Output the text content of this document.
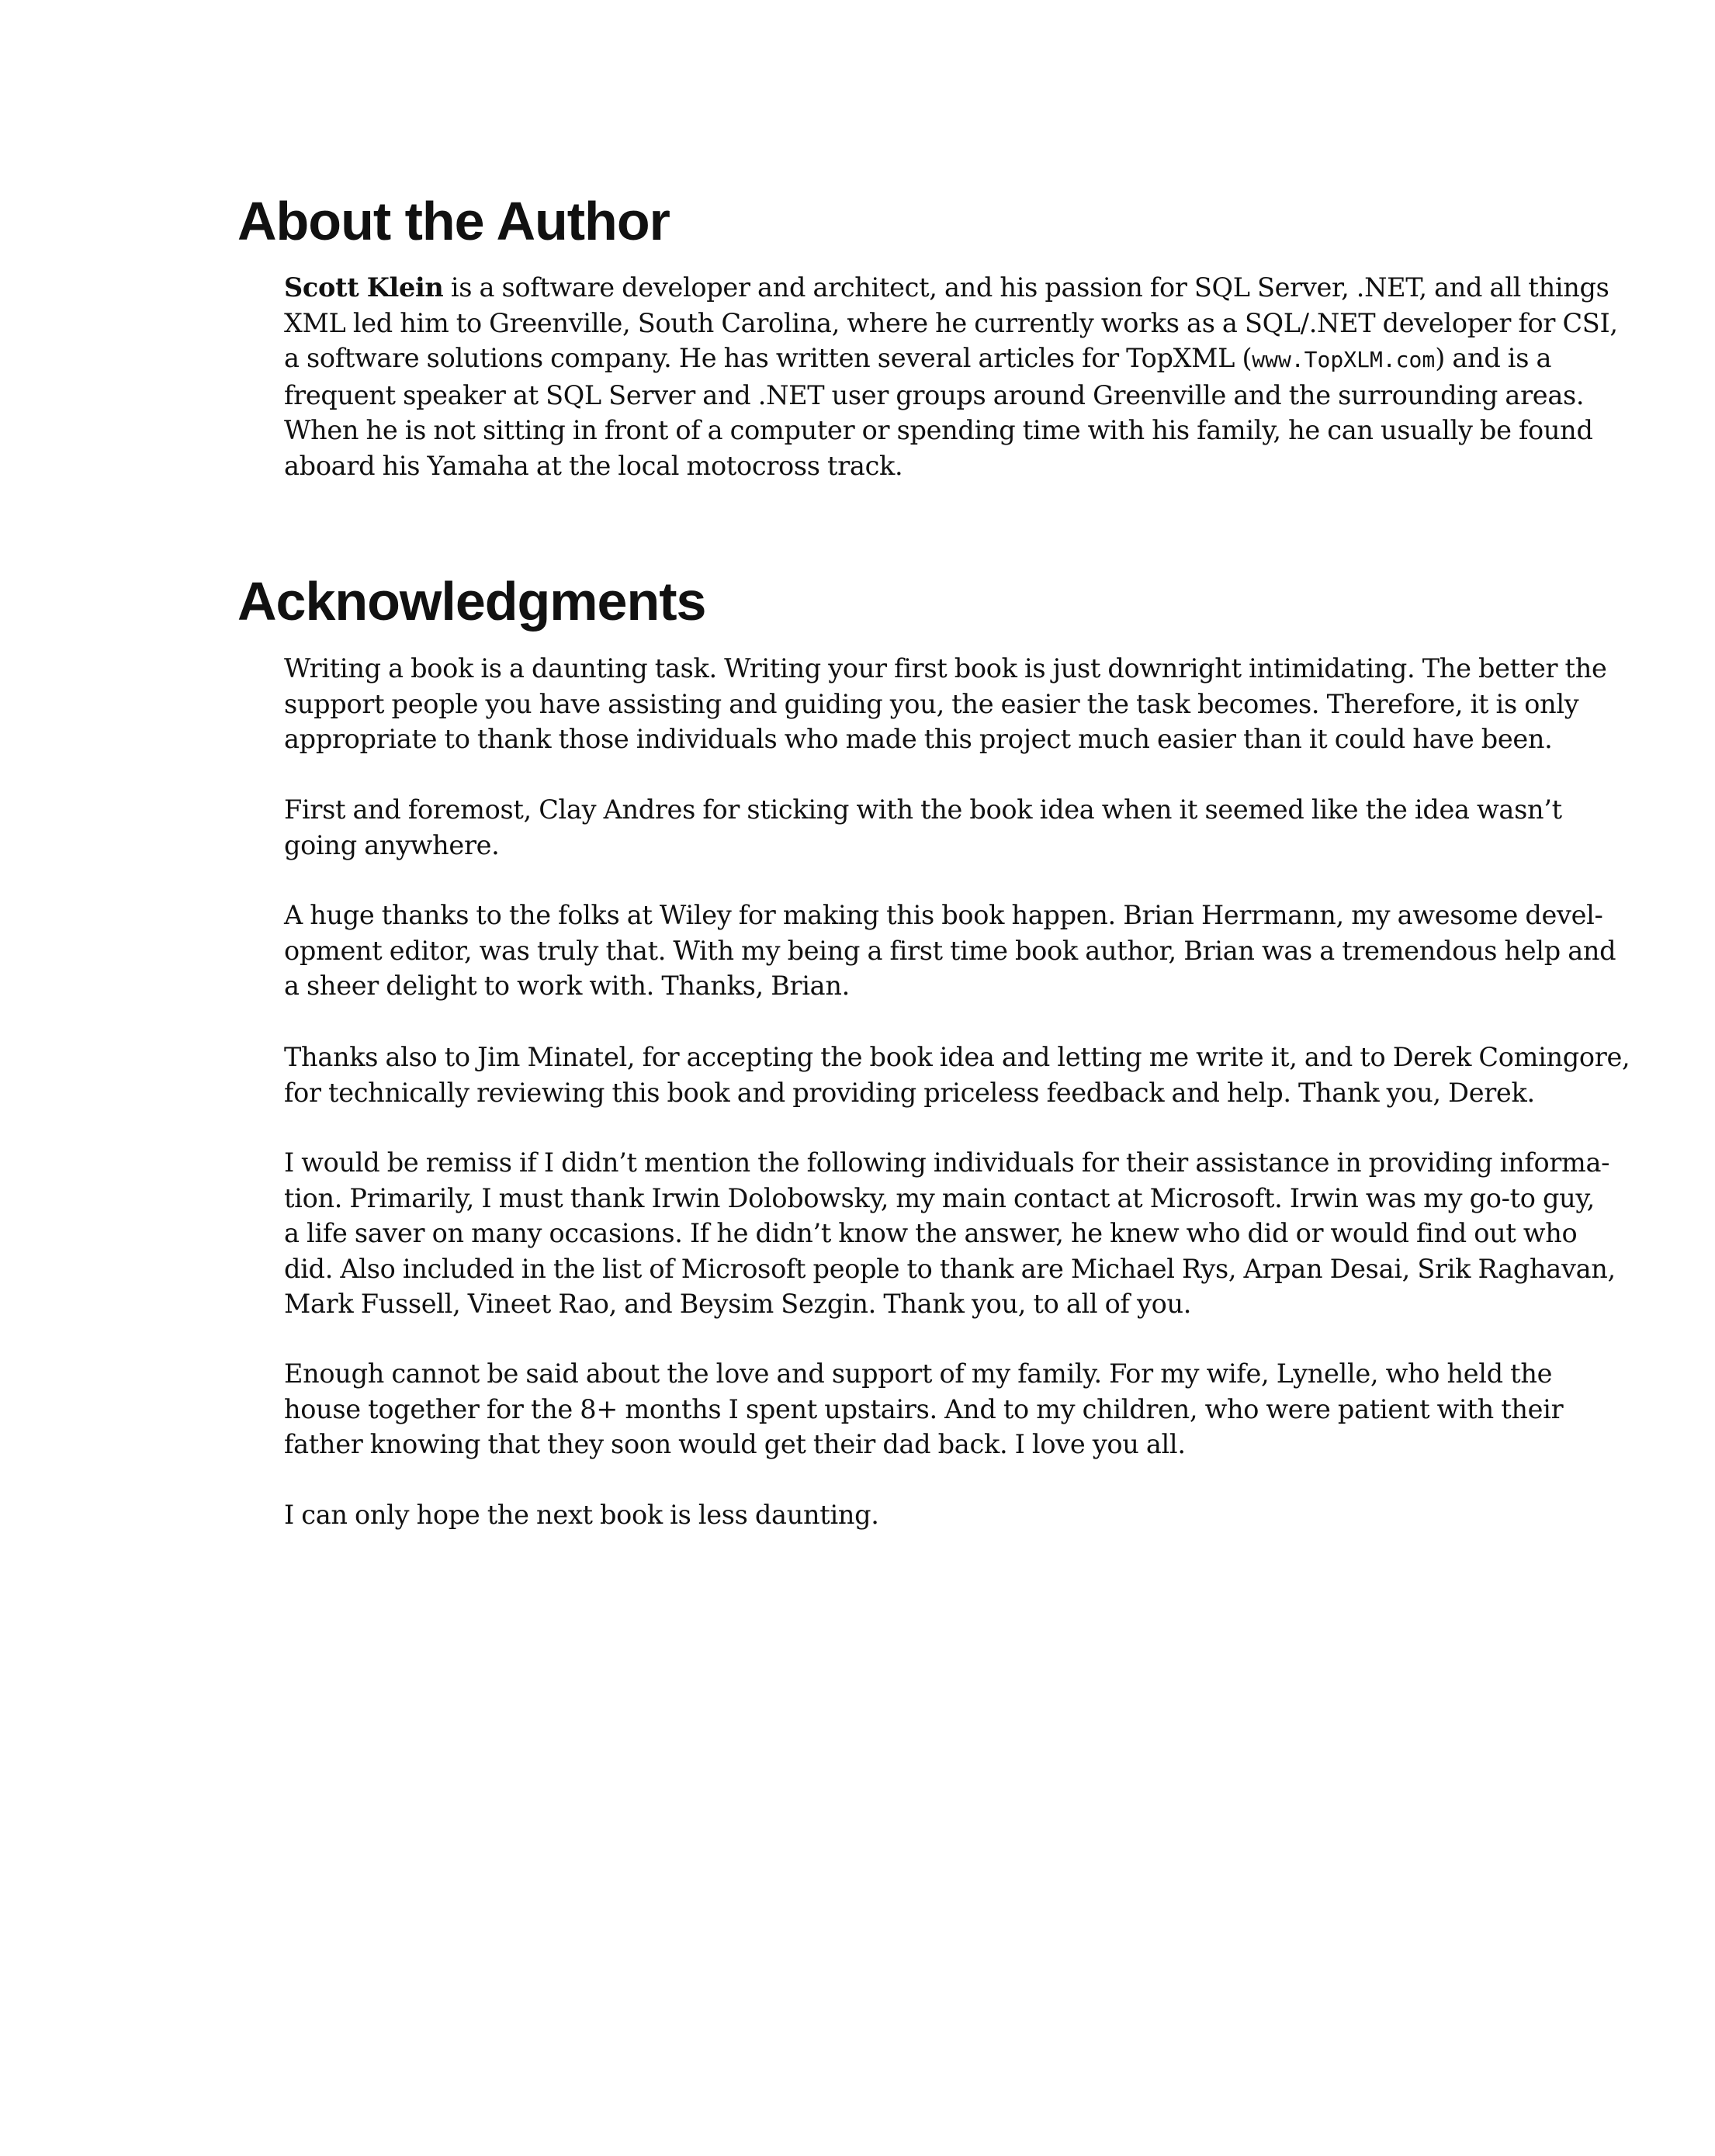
About the Author
Scott Klein is a software developer and architect, and his passion for SQL Server, .NET, and all things
XML led him to Greenville, South Carolina, where he currently works as a SQL/.NET developer for CSI,
a software solutions company. He has written several articles for TopXML (www.TopXLM.com) and is a
frequent speaker at SQL Server and .NET user groups around Greenville and the surrounding areas.
When he is not sitting in front of a computer or spending time with his family, he can usually be found
aboard his Yamaha at the local motocross track.
Acknowledgments
Writing a book is a daunting task. Writing your first book is just downright intimidating. The better the
support people you have assisting and guiding you, the easier the task becomes. Therefore, it is only
appropriate to thank those individuals who made this project much easier than it could have been.
First and foremost, Clay Andres for sticking with the book idea when it seemed like the idea wasn’t
going anywhere.
A huge thanks to the folks at Wiley for making this book happen. Brian Herrmann, my awesome devel-
opment editor, was truly that. With my being a first time book author, Brian was a tremendous help and
a sheer delight to work with. Thanks, Brian.
Thanks also to Jim Minatel, for accepting the book idea and letting me write it, and to Derek Comingore,
for technically reviewing this book and providing priceless feedback and help. Thank you, Derek.
I would be remiss if I didn’t mention the following individuals for their assistance in providing informa-
tion. Primarily, I must thank Irwin Dolobowsky, my main contact at Microsoft. Irwin was my go-to guy,
a life saver on many occasions. If he didn’t know the answer, he knew who did or would find out who
did. Also included in the list of Microsoft people to thank are Michael Rys, Arpan Desai, Srik Raghavan,
Mark Fussell, Vineet Rao, and Beysim Sezgin. Thank you, to all of you.
Enough cannot be said about the love and support of my family. For my wife, Lynelle, who held the
house together for the 8+ months I spent upstairs. And to my children, who were patient with their
father knowing that they soon would get their dad back. I love you all.
I can only hope the next book is less daunting.
